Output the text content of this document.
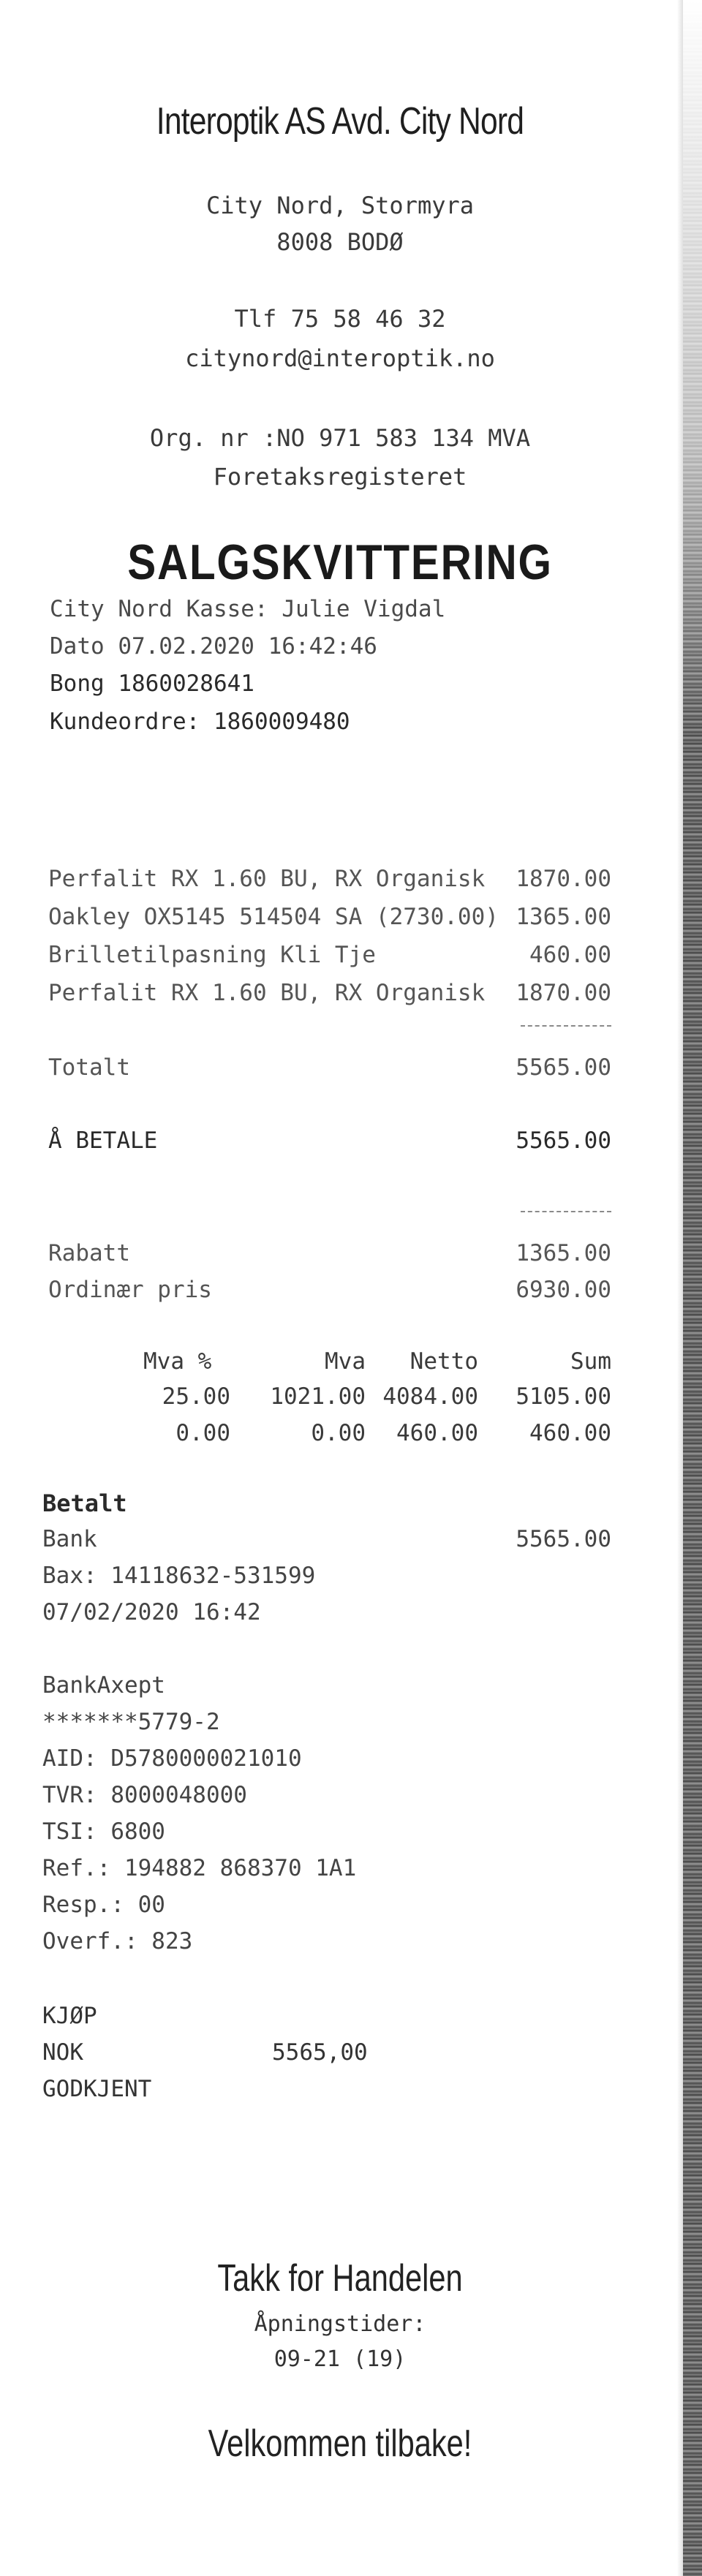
Interoptik AS Avd. City Nord
City Nord, Stormyra
8008 BODØ
Tlf 75 58 46 32
citynord@interoptik.no
Org. nr :NO 971 583 134 MVA
Foretaksregisteret
SALGSKVITTERING
City Nord Kasse: Julie Vigdal
Dato 07.02.2020 16:42:46
Bong 1860028641
Kundeordre: 1860009480
Perfalit RX 1.60 BU, RX Organisk 1870.00
Oakley OX5145 514504 SA (2730.00) 1365.00
Brilletilpasning Kli Tje	460.00
Perfalit RX 1.60 BU, RX Organisk 1870.00
Totalt	5565.00
Å BETALE	5565.00
Rabatt	1365.00
Ordinær pris	6930.00
Mva %	Mva Netto	Sum
25.00 1021.00 4084.00 5105.00
0.00	0.00 460.00 460.00
Betalt
Bank	5565.00
Bax: 14118632-531599
07/02/2020 16:42
BankAxept
*******5779-2
AID: D5780000021010
TVR: 8000048000
TSI: 6800
Ref.: 194882 868370 1A1
Resp.: 00
Overf.: 823
KJØP
NOK	5565,00
GODKJENT
Takk for Handelen
Åpningstider:
09-21 (19)
Velkommen tilbake!
